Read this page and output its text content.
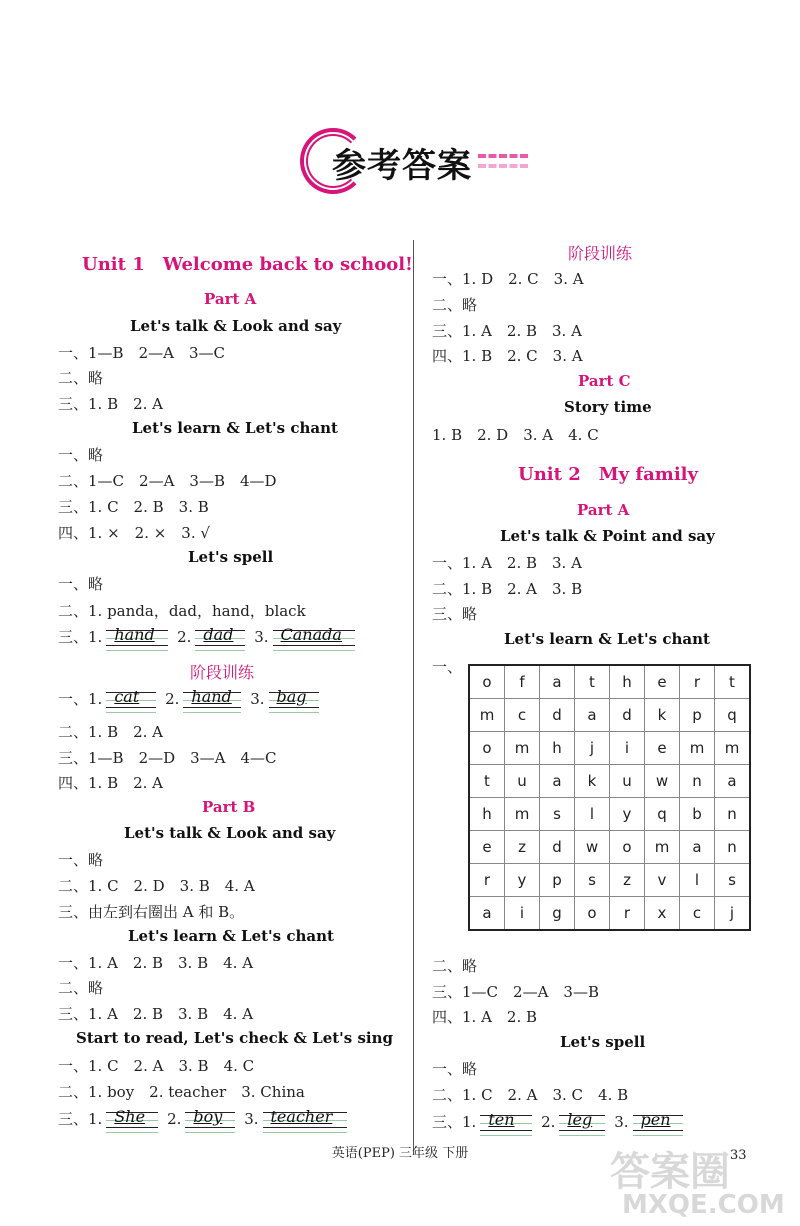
参考答案
Unit 1　Welcome back to school!
Part A
Let's talk & Look and say
一、1—B　2—A　3—C
二、略
三、1. B　2. A
Let's learn & Let's chant
一、略
二、1—C　2—A　3—B　4—D
三、1. C　2. B　3. B
四、1. ×　2. ×　3. √
Let's spell
一、略
二、1. panda，dad，hand，black
三、1. hand 2. dad 3. Canada
阶段训练
一、1. cat 2. hand 3. bag
二、1. B　2. A
三、1—B　2—D　3—A　4—C
四、1. B　2. A
Part B
Let's talk & Look and say
一、略
二、1. C　2. D　3. B　4. A
三、由左到右圈出 A 和 B。
Let's learn & Let's chant
一、1. A　2. B　3. B　4. A
二、略
三、1. A　2. B　3. B　4. A
Start to read, Let's check & Let's sing
一、1. C　2. A　3. B　4. C
二、1. boy　2. teacher　3. China
三、1. She 2. boy 3. teacher
阶段训练
一、1. D　2. C　3. A
二、略
三、1. A　2. B　3. A
四、1. B　2. C　3. A
Part C
Story time
1. B　2. D　3. A　4. C
Unit 2　My family
Part A
Let's talk & Point and say
一、1. A　2. B　3. A
二、1. B　2. A　3. B
三、略
Let's learn & Let's chant
一、
o	f	a	t	h	e	r	t
m	c	d	a	d	k	p	q
o	m	h	j	i	e	m	m
t	u	a	k	u	w	n	a
h	m	s	l	y	q	b	n
e	z	d	w	o	m	a	n
r	y	p	s	z	v	l	s
a	i	g	o	r	x	c	j
二、略
三、1—C　2—A　3—B
四、1. A　2. B
Let's spell
一、略
二、1. C　2. A　3. C　4. B
三、1. ten 2. leg 3. pen
英语(PEP) 三年级 下册	答案圈
MXQE.COM
33
